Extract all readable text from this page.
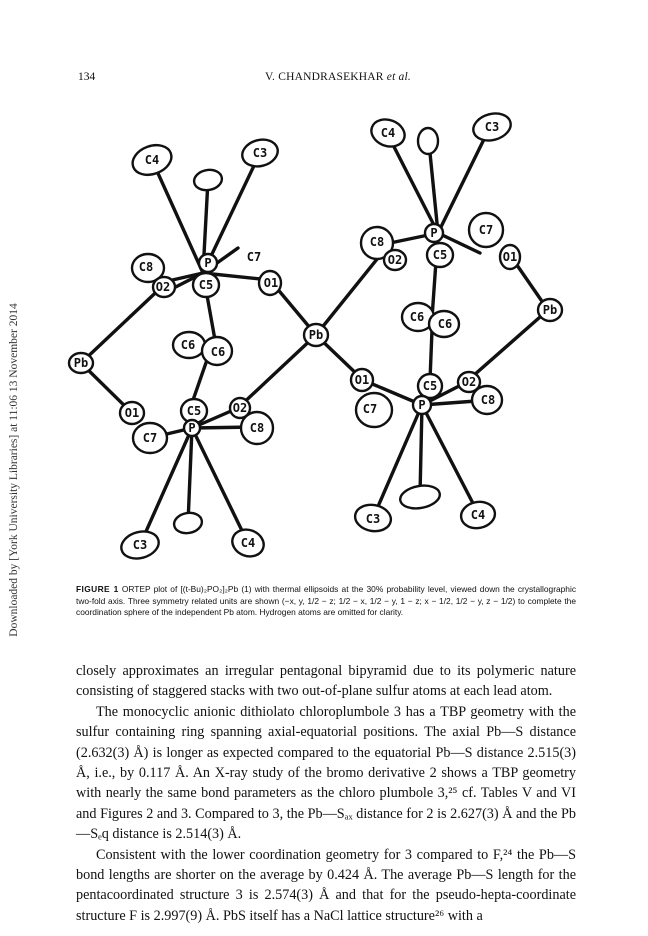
134	V. CHANDRASEKHAR et al.
Downloaded by [York University Libraries] at 11:06 13 November 2014
C4	C3
C8
C5
O2
P	C7
O1
C6 C6
Pb
Pb
O1	C5	O2
C8
C7
P
C3	C4
C4	C3
C8
P	C7
O2	C5	O1
C6 C6
Pb
O1	C5 O2
C7	P	C8
C3	C4
FIGURE 1 ORTEP plot of [(t-Bu)₂PO₂]₂Pb (1) with thermal ellipsoids at the 30% probability level, viewed down the crystallographic two-fold axis. Three symmetry related units are shown (−x, y, 1/2 − z; 1/2 − x, 1/2 − y, 1 − z; x − 1/2, 1/2 − y, z − 1/2) to complete the coordination sphere of the independent Pb atom. Hydrogen atoms are omitted for clarity.

closely approximates an irregular pentagonal bipyramid due to its polymeric nature consisting of staggered stacks with two out-of-plane sulfur atoms at each lead atom.

The monocyclic anionic dithiolato chloroplumbole 3 has a TBP geometry with the sulfur containing ring spanning axial-equatorial positions. The axial Pb—S distance (2.632(3) Å) is longer as expected compared to the equatorial Pb—S distance 2.515(3) Å, i.e., by 0.117 Å. An X-ray study of the bromo derivative 2 shows a TBP geometry with nearly the same bond parameters as the chloro plumbole 3,²⁵ cf. Tables V and VI and Figures 2 and 3. Compared to 3, the Pb—Sₐₓ distance for 2 is 2.627(3) Å and the Pb—Sₑq distance is 2.514(3) Å.

Consistent with the lower coordination geometry for 3 compared to F,²⁴ the Pb—S bond lengths are shorter on the average by 0.424 Å. The average Pb—S length for the pentacoordinated structure 3 is 2.574(3) Å and that for the pseudo-hepta-coordinate structure F is 2.997(9) Å. PbS itself has a NaCl lattice structure²⁶ with a
